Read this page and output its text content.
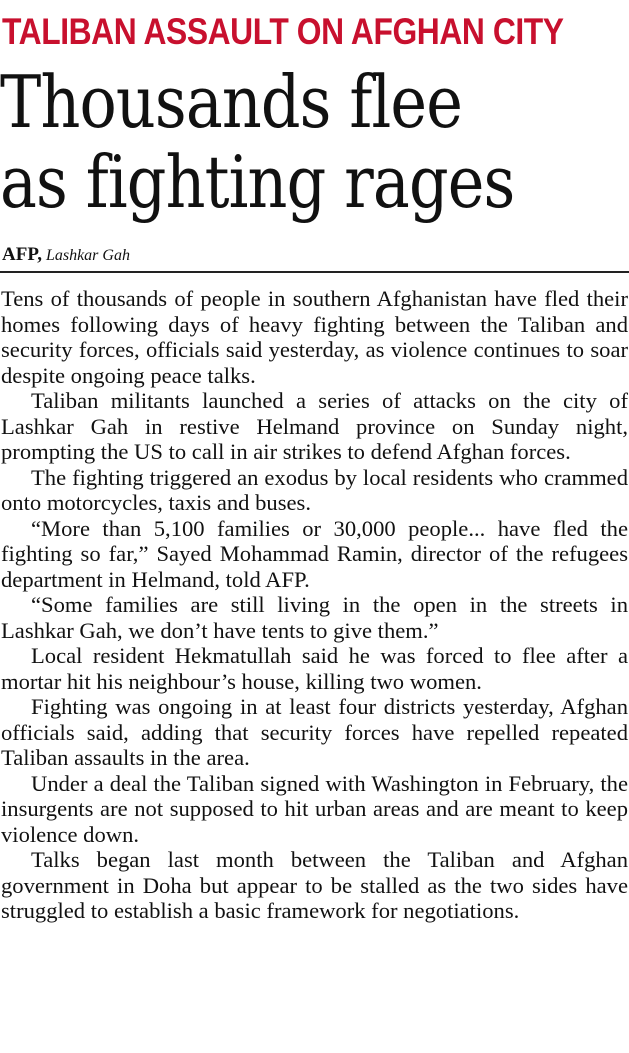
TALIBAN ASSAULT ON AFGHAN CITY
Thousands flee
as fighting rages
AFP, Lashkar Gah

Tens of thousands of people in southern Afghanistan have fled their homes following days of heavy fighting between the Taliban and security forces, officials said yesterday, as violence continues to soar despite ongoing peace talks.

Taliban militants launched a series of attacks on the city of Lashkar Gah in restive Helmand province on Sunday night, prompting the US to call in air strikes to defend Afghan forces.

The fighting triggered an exodus by local residents who crammed onto motorcycles, taxis and buses.

“More than 5,100 families or 30,000 people... have fled the fighting so far,” Sayed Mohammad Ramin, director of the refugees department in Helmand, told AFP.

“Some families are still living in the open in the streets in Lashkar Gah, we don’t have tents to give them.”

Local resident Hekmatullah said he was forced to flee after a mortar hit his neighbour’s house, killing two women.

Fighting was ongoing in at least four districts yesterday, Afghan officials said, adding that security forces have repelled repeated Taliban assaults in the area.

Under a deal the Taliban signed with Washington in February, the insurgents are not supposed to hit urban areas and are meant to keep violence down.

Talks began last month between the Taliban and Afghan government in Doha but appear to be stalled as the two sides have struggled to establish a basic framework for negotiations.
